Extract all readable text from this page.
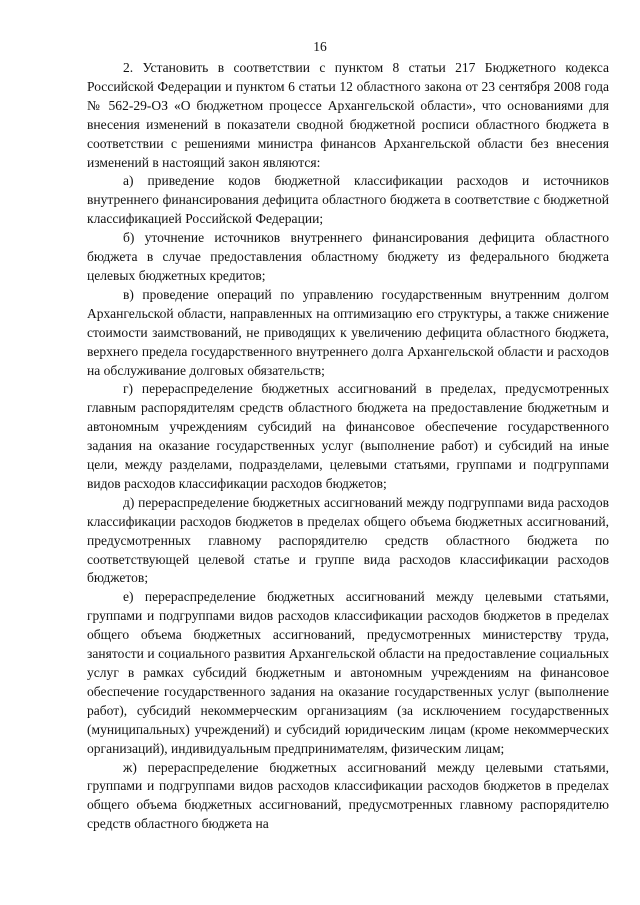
16

2. Установить в соответствии с пунктом 8 статьи 217 Бюджетного кодекса Российской Федерации и пунктом 6 статьи 12 областного закона от 23 сентября 2008 года № 562-29-ОЗ «О бюджетном процессе Архангельской области», что основаниями для внесения изменений в показатели сводной бюджетной росписи областного бюджета в соответствии с решениями министра финансов Архангельской области без внесения изменений в настоящий закон являются:

а) приведение кодов бюджетной классификации расходов и источников внутреннего финансирования дефицита областного бюджета в соответствие с бюджетной классификацией Российской Федерации;

б) уточнение источников внутреннего финансирования дефицита областного бюджета в случае предоставления областному бюджету из федерального бюджета целевых бюджетных кредитов;

в) проведение операций по управлению государственным внутренним долгом Архангельской области, направленных на оптимизацию его структуры, а также снижение стоимости заимствований, не приводящих к увеличению дефицита областного бюджета, верхнего предела государственного внутреннего долга Архангельской области и расходов на обслуживание долговых обязательств;

г) перераспределение бюджетных ассигнований в пределах, предусмотренных главным распорядителям средств областного бюджета на предоставление бюджетным и автономным учреждениям субсидий на финансовое обеспечение государственного задания на оказание государственных услуг (выполнение работ) и субсидий на иные цели, между разделами, подразделами, целевыми статьями, группами и подгруппами видов расходов классификации расходов бюджетов;

д) перераспределение бюджетных ассигнований между подгруппами вида расходов классификации расходов бюджетов в пределах общего объема бюджетных ассигнований, предусмотренных главному распорядителю средств областного бюджета по соответствующей целевой статье и группе вида расходов классификации расходов бюджетов;

е) перераспределение бюджетных ассигнований между целевыми статьями, группами и подгруппами видов расходов классификации расходов бюджетов в пределах общего объема бюджетных ассигнований, предусмотренных министерству труда, занятости и социального развития Архангельской области на предоставление социальных услуг в рамках субсидий бюджетным и автономным учреждениям на финансовое обеспечение государственного задания на оказание государственных услуг (выполнение работ), субсидий некоммерческим организациям (за исключением государственных (муниципальных) учреждений) и субсидий юридическим лицам (кроме некоммерческих организаций), индивидуальным предпринимателям, физическим лицам;

ж) перераспределение бюджетных ассигнований между целевыми статьями, группами и подгруппами видов расходов классификации расходов бюджетов в пределах общего объема бюджетных ассигнований, предусмотренных главному распорядителю средств областного бюджета на
